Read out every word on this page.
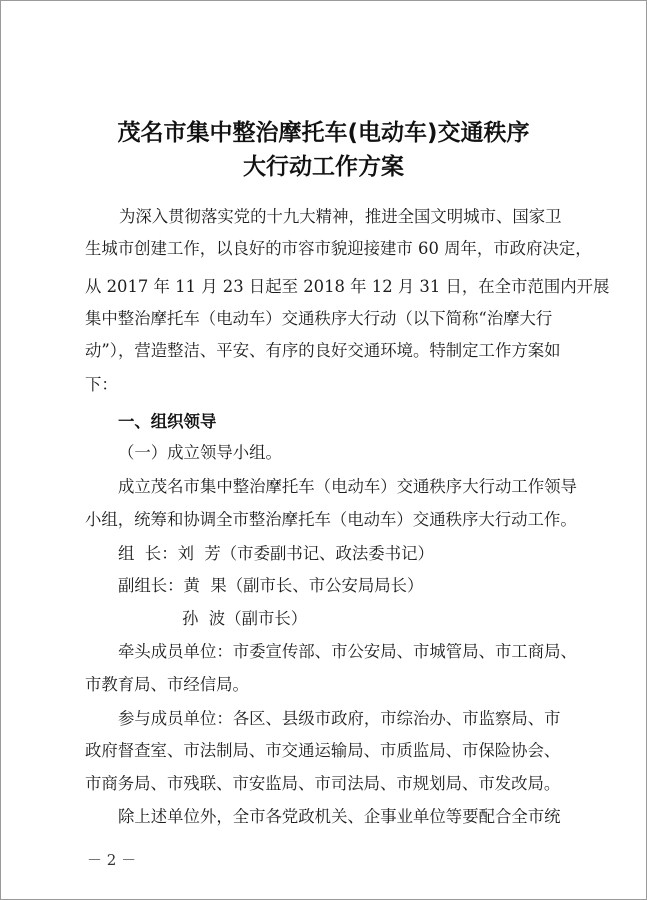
茂名市集中整治摩托车(电动车)交通秩序
大行动工作方案
为深入贯彻落实党的十九大精神，推进全国文明城市、国家卫
生城市创建工作，以良好的市容市貌迎接建市 60 周年，市政府决定，
从 2017 年 11 月 23 日起至 2018 年 12 月 31 日，在全市范围内开展
集中整治摩托车（电动车）交通秩序大行动（以下简称“治摩大行
动”），营造整洁、平安、有序的良好交通环境。特制定工作方案如
下：
一、组织领导
（一）成立领导小组。
成立茂名市集中整治摩托车（电动车）交通秩序大行动工作领导
小组，统筹和协调全市整治摩托车（电动车）交通秩序大行动工作。
组  长：刘  芳（市委副书记、政法委书记）
副组长：黄  果（副市长、市公安局局长）
孙  波（副市长）
牵头成员单位：市委宣传部、市公安局、市城管局、市工商局、
市教育局、市经信局。
参与成员单位：各区、县级市政府，市综治办、市监察局、市
政府督查室、市法制局、市交通运输局、市质监局、市保险协会、
市商务局、市残联、市安监局、市司法局、市规划局、市发改局。
除上述单位外，全市各党政机关、企事业单位等要配合全市统
－ 2 －
